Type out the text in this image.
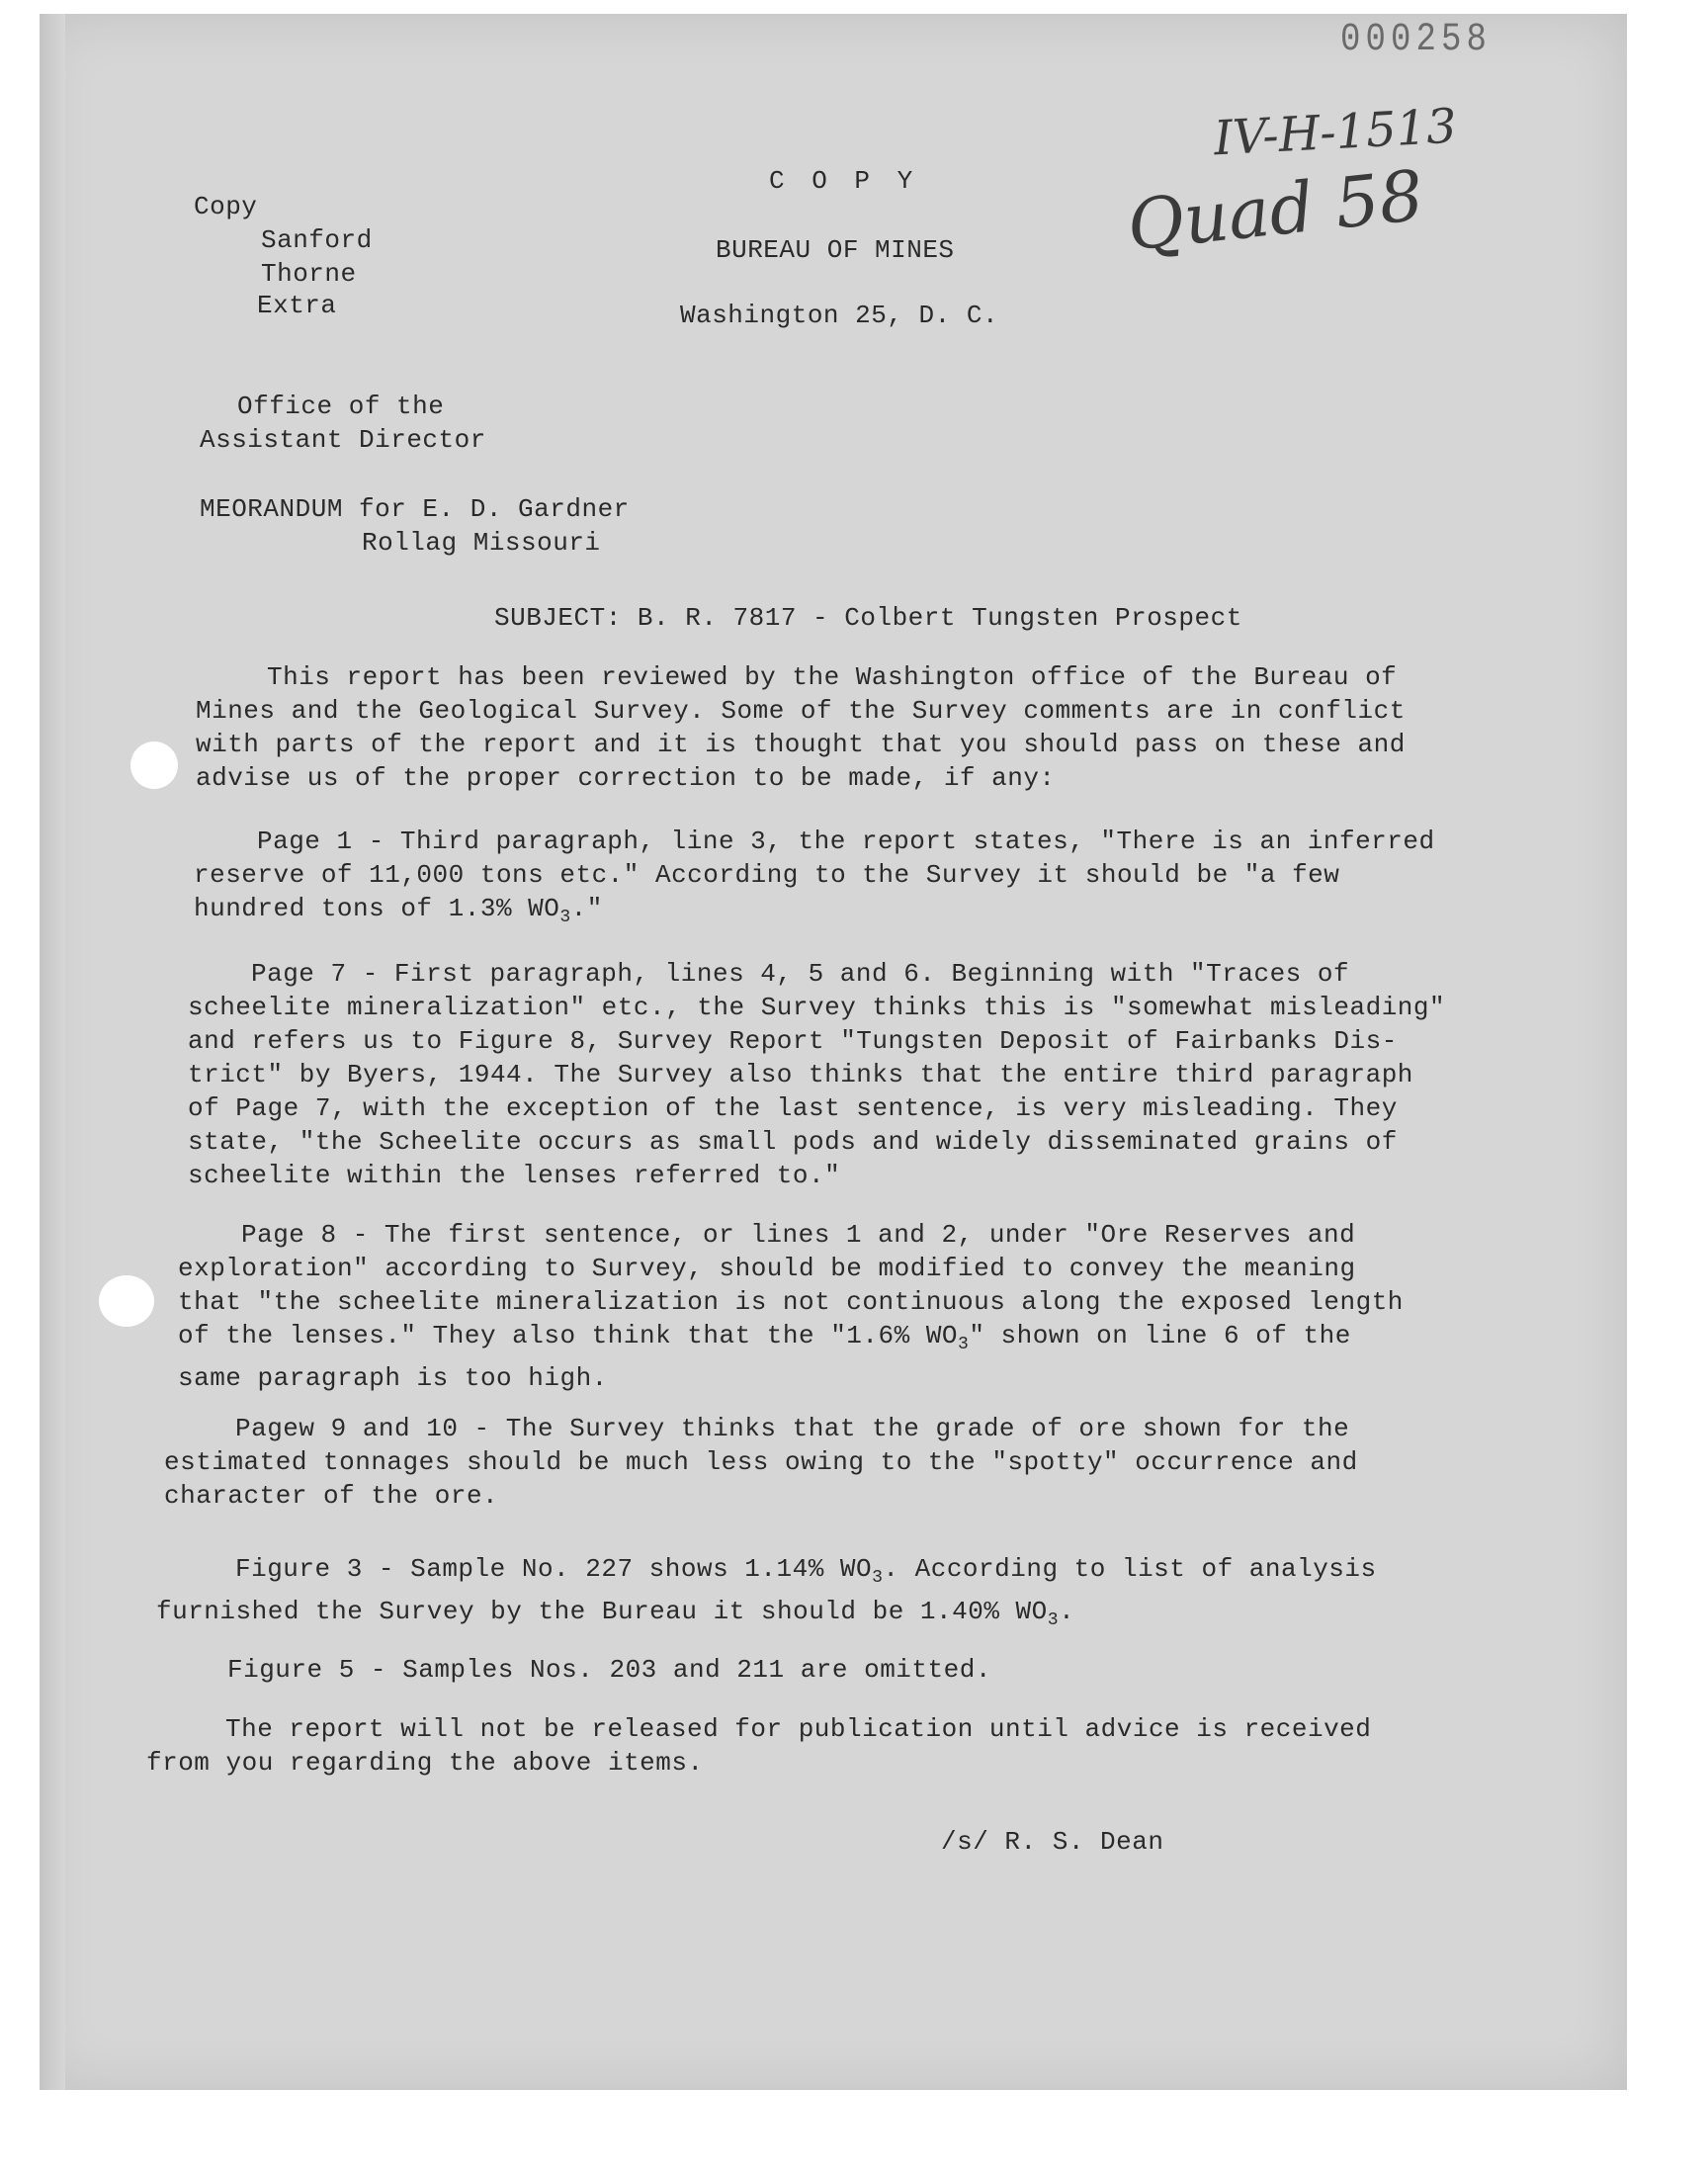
000258
IV-H-1513
Quad 58
C O P Y
BUREAU OF MINES
Washington 25, D. C.
Copy
Sanford
Thorne
Extra
Office of the
Assistant Director
MEORANDUM for E. D. Gardner
Rollag Missouri
SUBJECT: B. R. 7817 - Colbert Tungsten Prospect
This report has been reviewed by the Washington office of the Bureau of
Mines and the Geological Survey. Some of the Survey comments are in conflict
with parts of the report and it is thought that you should pass on these and
advise us of the proper correction to be made, if any:
Page 1 - Third paragraph, line 3, the report states, "There is an inferred
reserve of 11,000 tons etc." According to the Survey it should be "a few
hundred tons of 1.3% $WO_3$."
Page 7 - First paragraph, lines 4, 5 and 6. Beginning with "Traces of
scheelite mineralization" etc., the Survey thinks this is "somewhat misleading"
and refers us to Figure 8, Survey Report "Tungsten Deposit of Fairbanks Dis-
trict" by Byers, 1944. The Survey also thinks that the entire third paragraph
of Page 7, with the exception of the last sentence, is very misleading. They
state, "the Scheelite occurs as small pods and widely disseminated grains of
scheelite within the lenses referred to."
Page 8 - The first sentence, or lines 1 and 2, under "Ore Reserves and
exploration" according to Survey, should be modified to convey the meaning
that "the scheelite mineralization is not continuous along the exposed length
of the lenses." They also think that the "1.6% $WO_3$" shown on line 6 of the
same paragraph is too high.
Pagew 9 and 10 - The Survey thinks that the grade of ore shown for the
estimated tonnages should be much less owing to the "spotty" occurrence and
character of the ore.
Figure 3 - Sample No. 227 shows 1.14% $WO_3$. According to list of analysis
furnished the Survey by the Bureau it should be 1.40% $WO_3$.
Figure 5 - Samples Nos. 203 and 211 are omitted.
The report will not be released for publication until advice is received
from you regarding the above items.
/s/ R. S. Dean
